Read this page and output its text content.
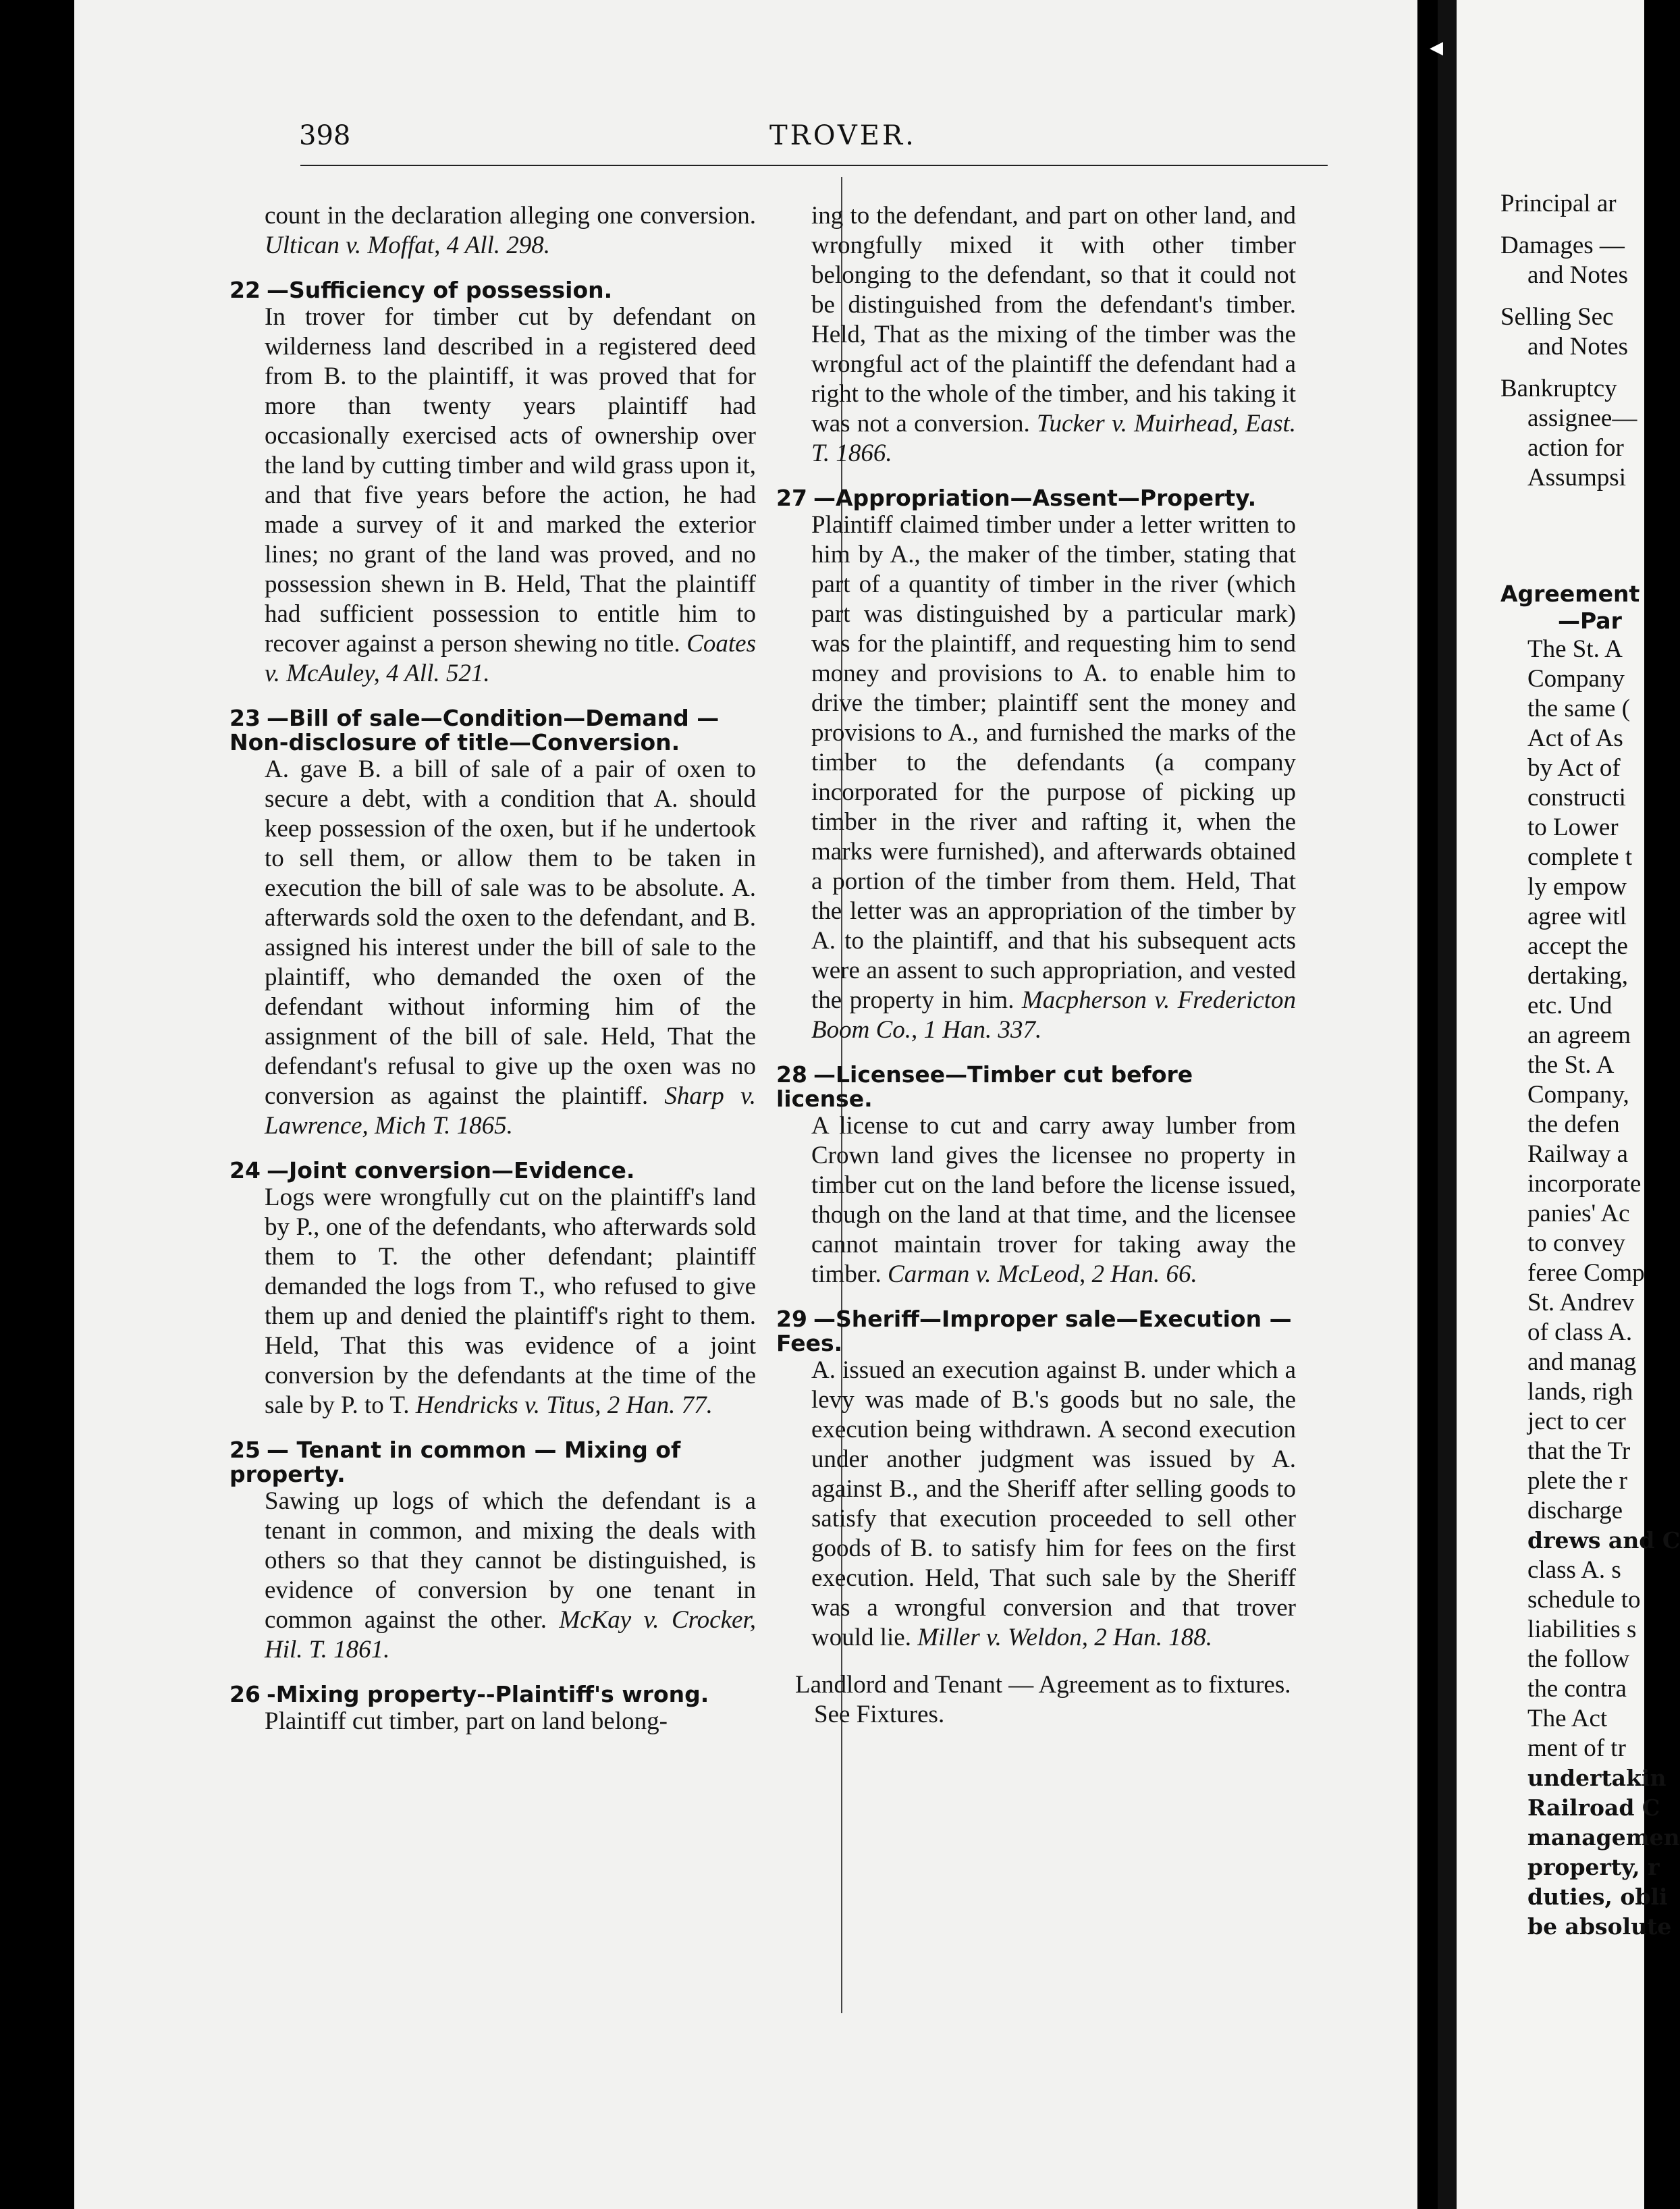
398	TROVER.
count in the declaration alleging one conversion. Ultican v. Moffat, 4 All. 298.
22 —Sufficiency of possession.
In trover for timber cut by defendant on wilderness land described in a registered deed from B. to the plaintiff, it was proved that for more than twenty years plaintiff had occasionally exercised acts of ownership over the land by cutting timber and wild grass upon it, and that five years before the action, he had made a survey of it and marked the exterior lines; no grant of the land was proved, and no possession shewn in B. Held, That the plaintiff had sufficient possession to entitle him to recover against a person shewing no title. Coates v. McAuley, 4 All. 521.
23 —Bill of sale—Condition—Demand —Non-disclosure of title—Conversion.
A. gave B. a bill of sale of a pair of oxen to secure a debt, with a condition that A. should keep possession of the oxen, but if he undertook to sell them, or allow them to be taken in execution the bill of sale was to be absolute. A. afterwards sold the oxen to the defendant, and B. assigned his interest under the bill of sale to the plaintiff, who demanded the oxen of the defendant without informing him of the assignment of the bill of sale. Held, That the defendant's refusal to give up the oxen was no conversion as against the plaintiff. Sharp v. Lawrence, Mich T. 1865.
24 —Joint conversion—Evidence.
Logs were wrongfully cut on the plaintiff's land by P., one of the defendants, who afterwards sold them to T. the other defendant; plaintiff demanded the logs from T., who refused to give them up and denied the plaintiff's right to them. Held, That this was evidence of a joint conversion by the defendants at the time of the sale by P. to T. Hendricks v. Titus, 2 Han. 77.
25 — Tenant in common — Mixing of property.
Sawing up logs of which the defendant is a tenant in common, and mixing the deals with others so that they cannot be distinguished, is evidence of conversion by one tenant in common against the other. McKay v. Crocker, Hil. T. 1861.
26 -Mixing property--Plaintiff's wrong.
Plaintiff cut timber, part on land belong-
ing to the defendant, and part on other land, and wrongfully mixed it with other timber belonging to the defendant, so that it could not be distinguished from the defendant's timber. Held, That as the mixing of the timber was the wrongful act of the plaintiff the defendant had a right to the whole of the timber, and his taking it was not a conversion. Tucker v. Muirhead, East. T. 1866.
27 —Appropriation—Assent—Property.
Plaintiff claimed timber under a letter written to him by A., the maker of the timber, stating that part of a quantity of timber in the river (which part was distinguished by a particular mark) was for the plaintiff, and requesting him to send money and provisions to A. to enable him to drive the timber; plaintiff sent the money and provisions to A., and furnished the marks of the timber to the defendants (a company incorporated for the purpose of picking up timber in the river and rafting it, when the marks were furnished), and afterwards obtained a portion of the timber from them. Held, That the letter was an appropriation of the timber by A. to the plaintiff, and that his subsequent acts were an assent to such appropriation, and vested the property in him. Macpherson v. Fredericton Boom Co., 1 Han. 337.
28 —Licensee—Timber cut before license.
A license to cut and carry away lumber from Crown land gives the licensee no property in timber cut on the land before the license issued, though on the land at that time, and the licensee cannot maintain trover for taking away the timber. Carman v. McLeod, 2 Han. 66.
29 —Sheriff—Improper sale—Execution —Fees.
A. issued an execution against B. under which a levy was made of B.'s goods but no sale, the execution being withdrawn. A second execution under another judgment was issued by A. against B., and the Sheriff after selling goods to satisfy that execution proceeded to sell other goods of B. to satisfy him for fees on the first execution. Held, That such sale by the Sheriff was a wrongful conversion and that trover would lie. Miller v. Weldon, 2 Han. 188.
Landlord and Tenant — Agreement as to fixtures. See Fixtures.
◀
Principal ar
Damages —
and Notes
Selling Sec
and Notes
Bankruptcy
assignee—
action for
Assumpsi
Agreement
—Par
The St. A
Company
the same (
Act of As
by Act of
constructi
to Lower
complete t
ly empow
agree witl
accept the
dertaking,
etc. Und
an agreem
the St. A
Company,
the defen
Railway a
incorporate
panies' Ac
to convey
feree Comp
St. Andrev
of class A.
and manag
lands, righ
ject to cer
that the Tr
plete the r
discharge
drews and C
class A. s
schedule to
liabilities s
the follow
the contra
The Act
ment of tr
undertakin
Railroad C
managemen
property, r
duties, obli
be absolute
